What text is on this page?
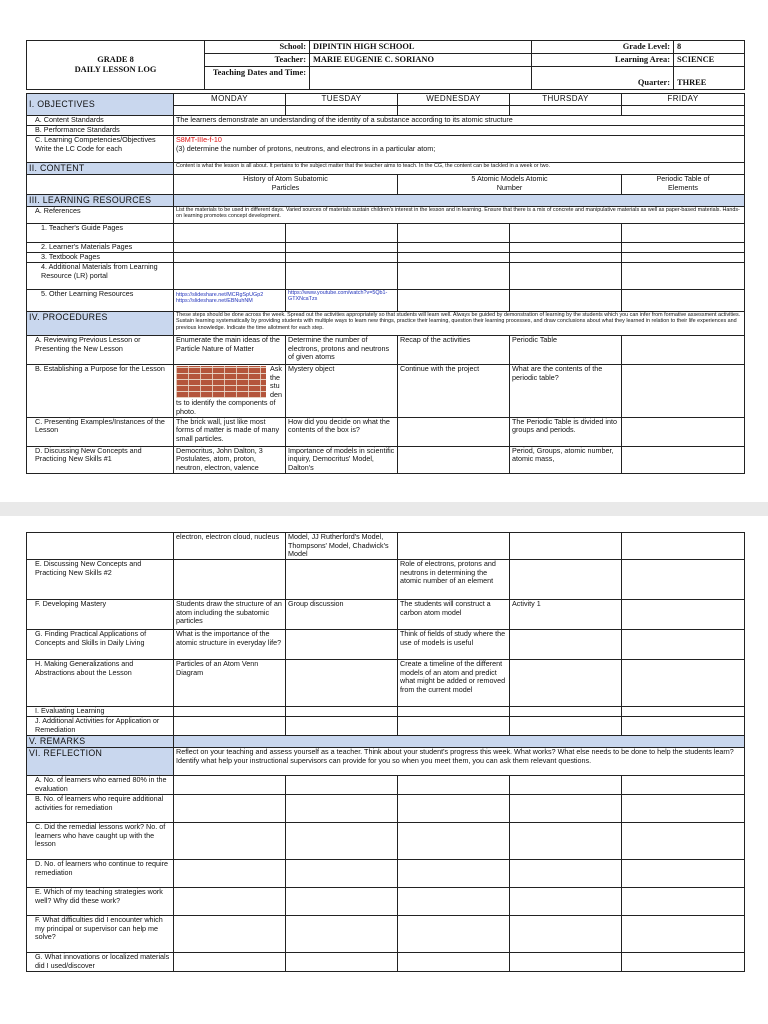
GRADE 8
DAILY LESSON LOG	School:	DIPINTIN HIGH SCHOOL	Grade Level:	8
	Teacher:	MARIE EUGENIE C. SORIANO	Learning Area:	SCIENCE
	Teaching Dates and Time:		Quarter:	THREE
I. OBJECTIVES	MONDAY	TUESDAY	WEDNESDAY	THURSDAY	FRIDAY

A. Content Standards	The learners demonstrate an understanding of the identity of a substance according to its atomic structure				
B. Performance Standards					
C. Learning Competencies/Objectives Write the LC Code for each	S8MT-IIIe-f-10
(3) determine the number of protons, neutrons, and electrons in a particular atom;				

II. CONTENT	Content is what the lesson is all about. It pertains to the subject matter that the teacher aims to teach. In the CG, the content can be tackled in a week or two.				
	History of Atom Subatomic Particles		5 Atomic Models Atomic Number		Periodic Table of Elements
III. LEARNING RESOURCES					
A. References	List the materials to be used in different days. Varied sources of materials sustain children's interest in the lesson and in learning. Ensure that there is a mix of concrete and manipulative materials as well as paper-based materials. Hands-on learning promotes concept development.				
1. Teacher's Guide Pages					
2. Learner's Materials Pages					
3. Textbook Pages					
4. Additional Materials from Learning Resource (LR) portal					
5. Other Learning Resources	https://slideshare.net/MCRgSpUGp2 https://slideshare.net/EBNuhNM	https://www.youtube.com/watch?v=5Qb1-GTXNcaTzs			
IV. PROCEDURES	These steps should be done across the week. Spread out the activities appropriately so that students will learn well. Always be guided by demonstration of learning by the students which you can infer from formative assessment activities. Sustain learning systematically by providing students with multiple ways to learn new things, practice their learning, question their learning processes, and draw conclusions about what they learned in relation to their life experiences and previous knowledge. Indicate the time allotment for each step.				
A. Reviewing Previous Lesson or Presenting the New Lesson	Enumerate the main ideas of the Particle Nature of Matter	Determine the number of electrons, protons and neutrons of given atoms	Recap of the activities	Periodic Table	
B. Establishing a Purpose for the Lesson	Ask the students to identify the components of photo.	Mystery object	Continue with the project	What are the contents of the periodic table?	
C. Presenting Examples/Instances of the Lesson	The brick wall, just like most forms of matter is made of many small particles.	How did you decide on what the contents of the box is?		The Periodic Table is divided into groups and periods.	
D. Discussing New Concepts and Practicing New Skills #1	Democritus, John Dalton, 3 Postulates, atom, proton, neutron, electron, valence	Importance of models in scientific inquiry, Democritus' Model, Dalton's		Period, Groups, atomic number, atomic mass,	
	electron, electron cloud, nucleus	Model, JJ Rutherford's Model, Thompsons' Model, Chadwick's Model			
E. Discussing New Concepts and Practicing New Skills #2			Role of electrons, protons and neutrons in determining the atomic number of an element		
F. Developing Mastery	Students draw the structure of an atom including the subatomic particles	Group discussion	The students will construct a carbon atom model	Activity 1	
G. Finding Practical Applications of Concepts and Skills in Daily Living	What is the importance of the atomic structure in everyday life?		Think of fields of study where the use of models is useful		
H. Making Generalizations and Abstractions about the Lesson	Particles of an Atom Venn Diagram		Create a timeline of the different models of an atom and predict what might be added or removed from the current model		
I. Evaluating Learning					
J. Additional Activities for Application or Remediation					
V. REMARKS					
VI. REFLECTION	Reflect on your teaching and assess yourself as a teacher. Think about your student's progress this week. What works? What else needs to be done to help the students learn? Identify what help your instructional supervisors can provide for you so when you meet them, you can ask them relevant questions.				
A. No. of learners who earned 80% in the evaluation					
B. No. of learners who require additional activities for remediation					
C. Did the remedial lessons work? No. of learners who have caught up with the lesson					
D. No. of learners who continue to require remediation					
E. Which of my teaching strategies work well? Why did these work?					
F. What difficulties did I encounter which my principal or supervisor can help me solve?					
G. What innovations or localized materials did I used/discover					
